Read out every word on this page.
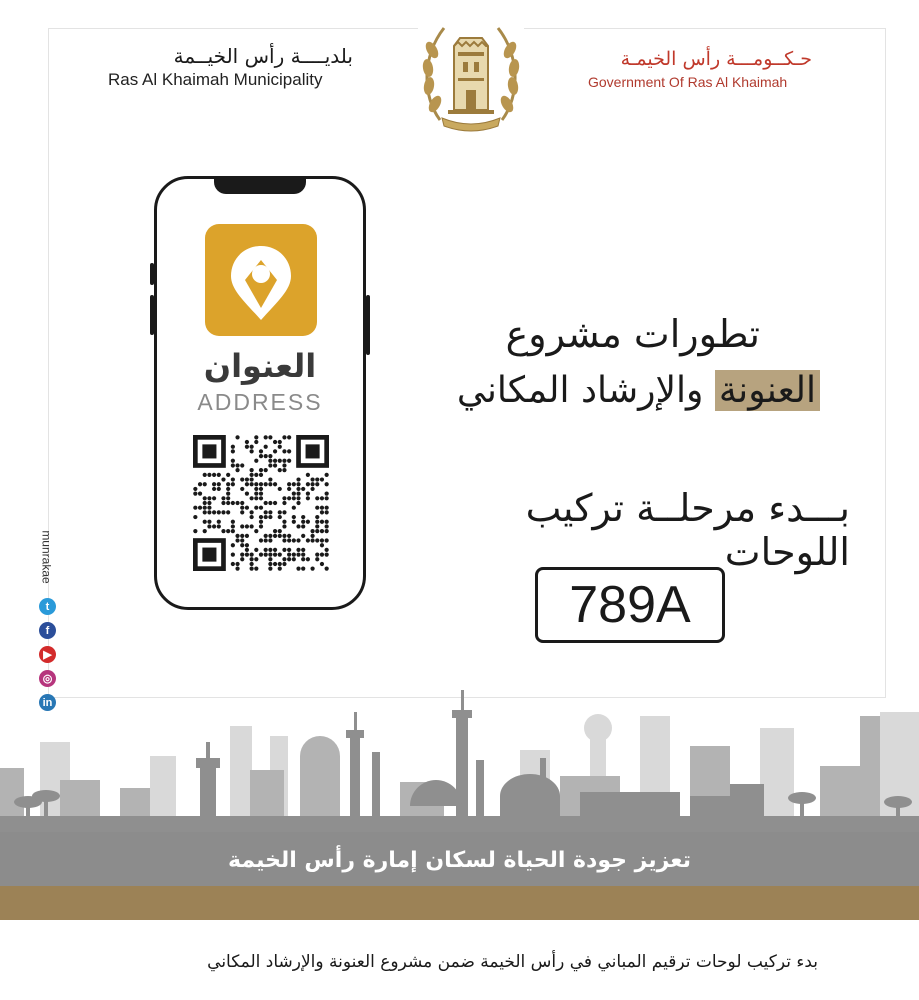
بلديــــة رأس الخيــمة
Ras Al Khaimah Municipality
حـكــومـــة رأس الخيمـة
Government Of Ras Al Khaimah
العنوان
ADDRESS
تطورات مشروع
العنونة والإرشاد المكاني
بـــدء مرحلــة تركيب اللوحات
789A
munrakae
t
f
▶
◎
in
تعزيز جودة الحياة لسكان إمارة رأس الخيمة
بدء تركيب لوحات ترقيم المباني في رأس الخيمة ضمن مشروع العنونة والإرشاد المكاني
